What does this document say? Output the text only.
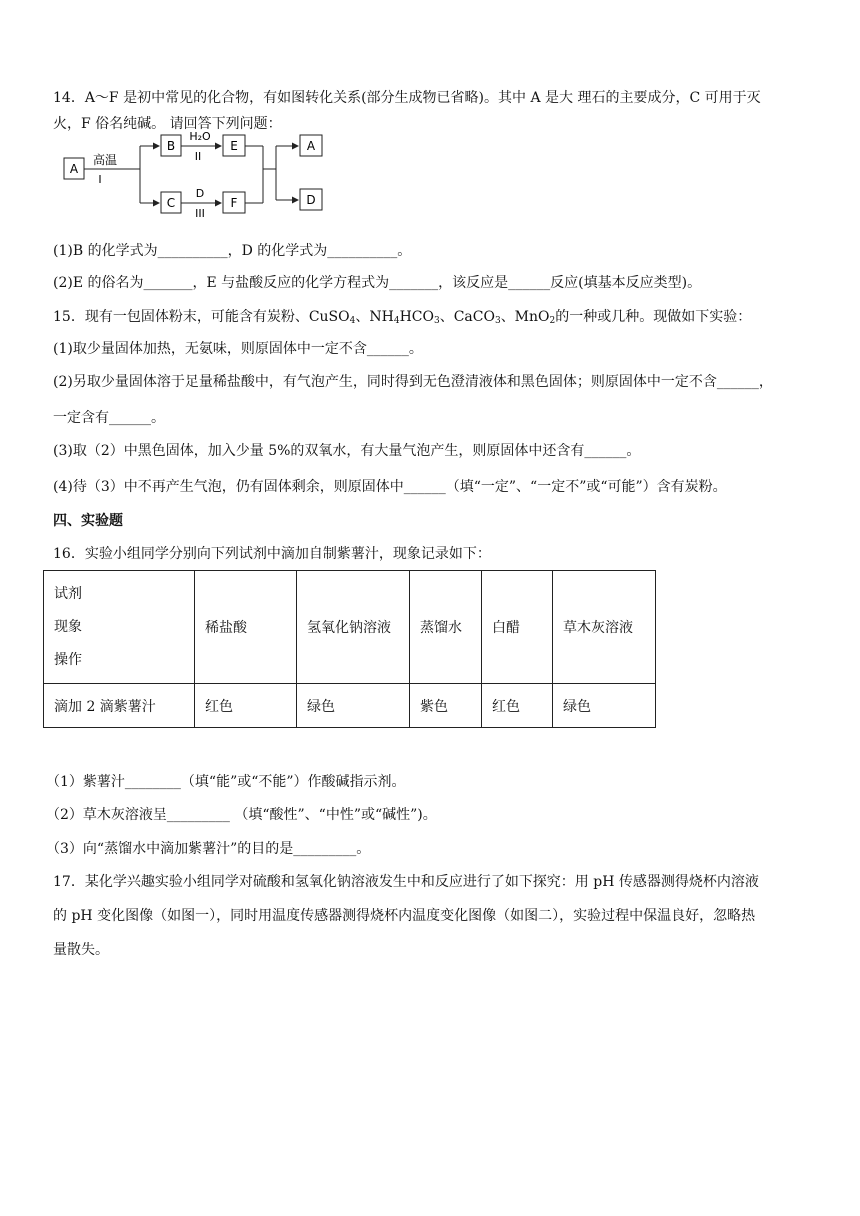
14．A～F 是初中常见的化合物，有如图转化关系(部分生成物已省略)。其中 A 是大 理石的主要成分，C 可用于灭
火，F 俗名纯碱。 请回答下列问题：
A
高温
I
B
C
H₂O
II
D
III
E
F
A
D
(1)B 的化学式为__________，D 的化学式为__________。
(2)E 的俗名为_______，E 与盐酸反应的化学方程式为_______，该反应是______反应(填基本反应类型)。
15．现有一包固体粉末，可能含有炭粉、CuSO$_4$、$NH_4HCO_3$、CaCO$_3$、MnO$_2$的一种或几种。现做如下实验：
(1)取少量固体加热，无氨味，则原固体中一定不含______。
(2)另取少量固体溶于足量稀盐酸中，有气泡产生，同时得到无色澄清液体和黑色固体；则原固体中一定不含______，
一定含有______。
(3)取（2）中黑色固体，加入少量 5%的双氧水，有大量气泡产生，则原固体中还含有______。
(4)待（3）中不再产生气泡，仍有固体剩余，则原固体中______（填“一定”、“一定不”或“可能”）含有炭粉。
四、实验题
16．实验小组同学分别向下列试剂中滴加自制紫薯汁，现象记录如下：
试剂
现象
操作	稀盐酸	氢氧化钠溶液	蒸馏水	白醋	草木灰溶液
滴加 2 滴紫薯汁	红色	绿色	紫色	红色	绿色
（1）紫薯汁________（填“能”或“不能”）作酸碱指示剂。
（2）草木灰溶液呈_________ （填“酸性”、“中性”或“碱性”)。
（3）向“蒸馏水中滴加紫薯汁”的目的是_________。
17．某化学兴趣实验小组同学对硫酸和氢氧化钠溶液发生中和反应进行了如下探究：用 pH 传感器测得烧杯内溶液
的 pH 变化图像（如图一），同时用温度传感器测得烧杯内温度变化图像（如图二），实验过程中保温良好，忽略热
量散失。
